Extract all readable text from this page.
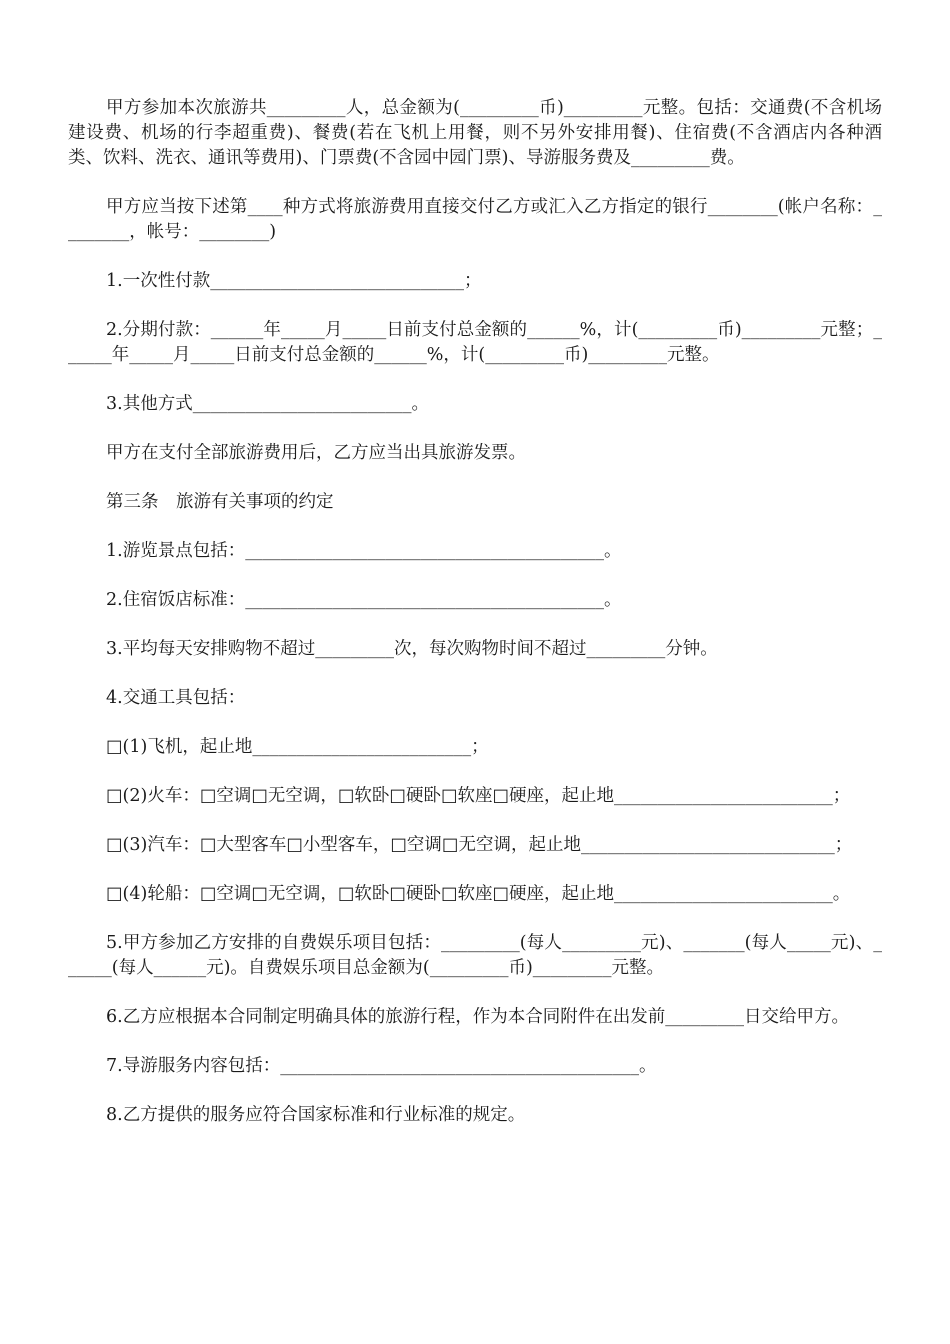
甲方参加本次旅游共_________人，总金额为(_________币)_________元整。包括：交通费(不含机场建设费、机场的行李超重费)、餐费(若在飞机上用餐，则不另外安排用餐)、住宿费(不含酒店内各种酒类、饮料、洗衣、通讯等费用)、门票费(不含园中园门票)、导游服务费及_________费。

甲方应当按下述第____种方式将旅游费用直接交付乙方或汇入乙方指定的银行________(帐户名称：________，帐号：________)

1.一次性付款_____________________________；

2.分期付款：______年_____月_____日前支付总金额的______%，计(_________币)_________元整；______年_____月_____日前支付总金额的______%，计(_________币)_________元整。

3.其他方式_________________________。

甲方在支付全部旅游费用后，乙方应当出具旅游发票。

第三条　旅游有关事项的约定

1.游览景点包括：_________________________________________。

2.住宿饭店标准：_________________________________________。

3.平均每天安排购物不超过_________次，每次购物时间不超过_________分钟。

4.交通工具包括：

□(1)飞机，起止地_________________________；

□(2)火车：□空调□无空调，□软卧□硬卧□软座□硬座，起止地_________________________；

□(3)汽车：□大型客车□小型客车，□空调□无空调，起止地_____________________________；

□(4)轮船：□空调□无空调，□软卧□硬卧□软座□硬座，起止地_________________________。

5.甲方参加乙方安排的自费娱乐项目包括：_________(每人_________元)、_______(每人_____元)、______(每人______元)。自费娱乐项目总金额为(_________币)_________元整。

6.乙方应根据本合同制定明确具体的旅游行程，作为本合同附件在出发前_________日交给甲方。

7.导游服务内容包括：_________________________________________。

8.乙方提供的服务应符合国家标准和行业标准的规定。
